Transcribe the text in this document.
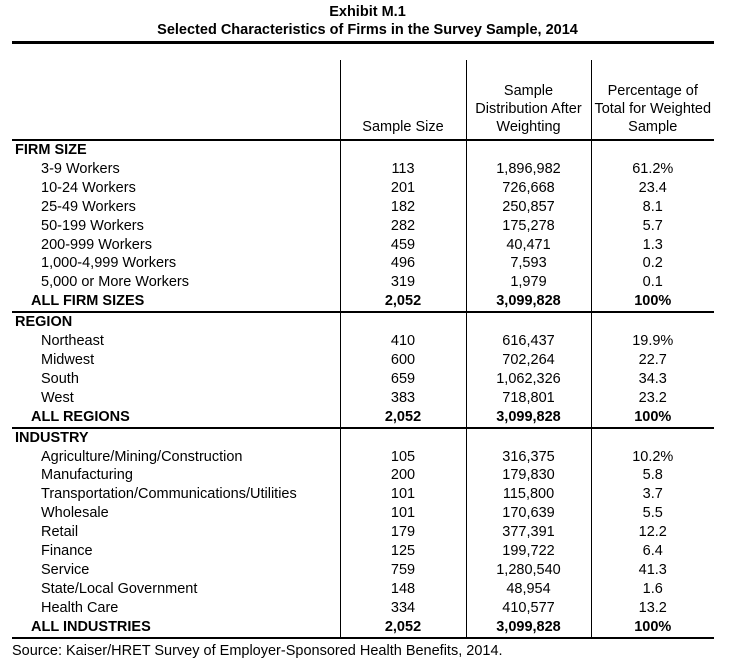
Exhibit M.1
Selected Characteristics of Firms in the Survey Sample, 2014
	Sample Size	Sample Distribution After Weighting	Percentage of Total for Weighted Sample
FIRM SIZE			
3-9 Workers	113	1,896,982	61.2%
10-24 Workers	201	726,668	23.4
25-49 Workers	182	250,857	8.1
50-199 Workers	282	175,278	5.7
200-999 Workers	459	40,471	1.3
1,000-4,999 Workers	496	7,593	0.2
5,000 or More Workers	319	1,979	0.1
ALL FIRM SIZES	2,052	3,099,828	100%
REGION			
Northeast	410	616,437	19.9%
Midwest	600	702,264	22.7
South	659	1,062,326	34.3
West	383	718,801	23.2
ALL REGIONS	2,052	3,099,828	100%
INDUSTRY			
Agriculture/Mining/Construction	105	316,375	10.2%
Manufacturing	200	179,830	5.8
Transportation/Communications/Utilities	101	115,800	3.7
Wholesale	101	170,639	5.5
Retail	179	377,391	12.2
Finance	125	199,722	6.4
Service	759	1,280,540	41.3
State/Local Government	148	48,954	1.6
Health Care	334	410,577	13.2
ALL INDUSTRIES	2,052	3,099,828	100%
Source: Kaiser/HRET Survey of Employer-Sponsored Health Benefits, 2014.
